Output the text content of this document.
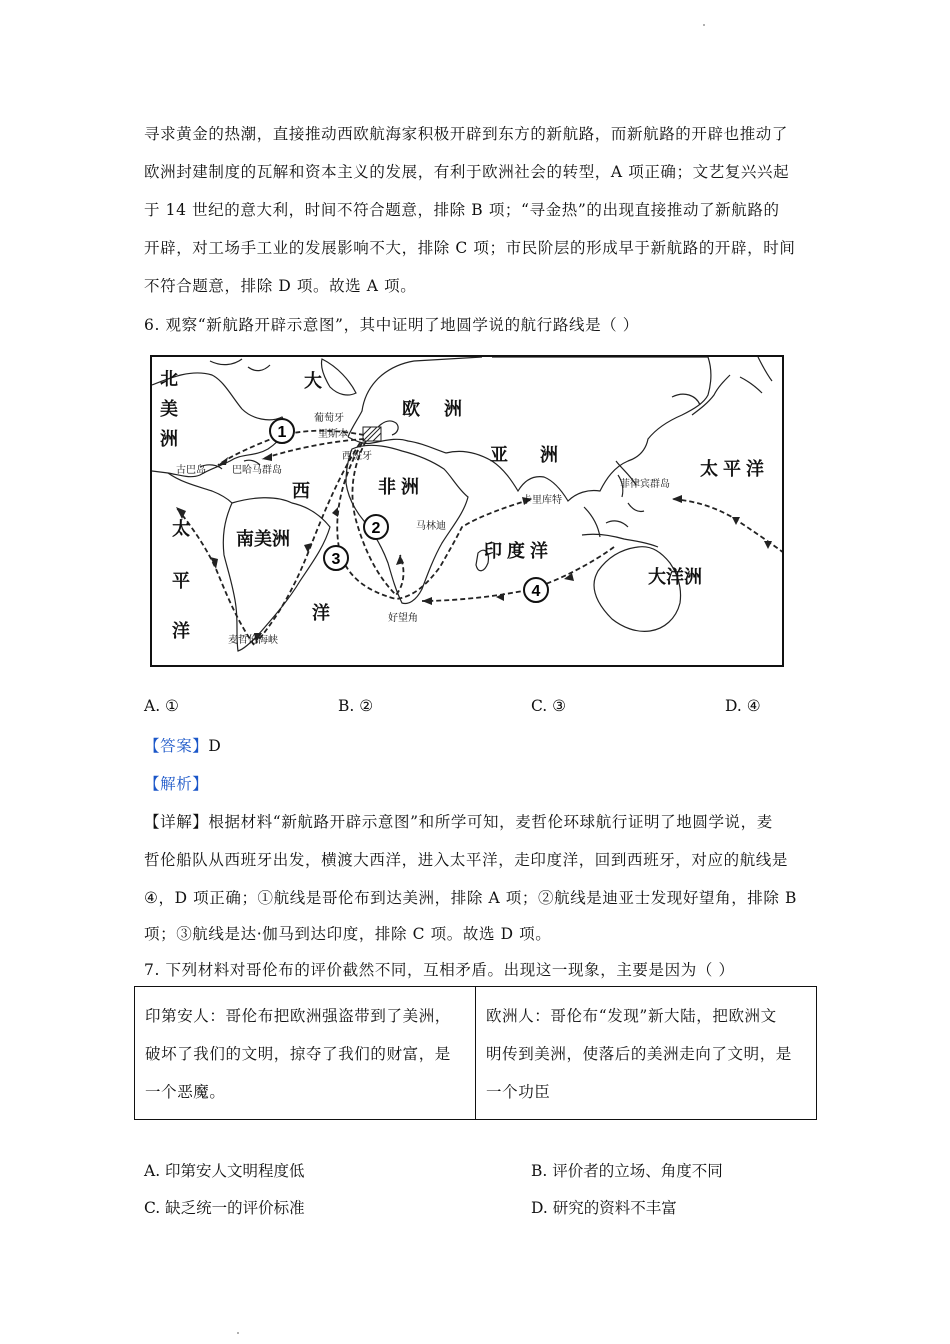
寻求黄金的热潮，直接推动西欧航海家积极开辟到东方的新航路，而新航路的开辟也推动了
欧洲封建制度的瓦解和资本主义的发展，有利于欧洲社会的转型，A 项正确；文艺复兴兴起
于 14 世纪的意大利，时间不符合题意，排除 B 项；“寻金热”的出现直接推动了新航路的
开辟，对工场手工业的发展影响不大，排除 C 项；市民阶层的形成早于新航路的开辟，时间
不符合题意，排除 D 项。故选 A 项。
6. 观察“新航路开辟示意图”，其中证明了地圆学说的航行路线是（ ）
北
美
洲
大
欧 洲
太
平
洋
西
洋
南美洲
非 洲
亚 洲
印 度 洋
太 平 洋
大洋洲
葡萄牙
里斯本
西班牙
古巴岛	巴哈马群岛
菲律宾群岛
卡里库特
马林迪
好望角
麦哲伦海峡
1
2
3
4
A. ①	B. ②	C. ③	D. ④
【答案】D
【解析】
【详解】根据材料“新航路开辟示意图”和所学可知，麦哲伦环球航行证明了地圆学说，麦
哲伦船队从西班牙出发，横渡大西洋，进入太平洋，走印度洋，回到西班牙，对应的航线是
④，D 项正确；①航线是哥伦布到达美洲，排除 A 项；②航线是迪亚士发现好望角，排除 B
项；③航线是达·伽马到达印度，排除 C 项。故选 D 项。
7. 下列材料对哥伦布的评价截然不同，互相矛盾。出现这一现象，主要是因为（ ）
印第安人：哥伦布把欧洲强盗带到了美洲，
破坏了我们的文明，掠夺了我们的财富，是
一个恶魔。

欧洲人：哥伦布“发现”新大陆，把欧洲文
明传到美洲，使落后的美洲走向了文明，是
一个功臣
A. 印第安人文明程度低	B. 评价者的立场、角度不同
C. 缺乏统一的评价标准	D. 研究的资料不丰富
